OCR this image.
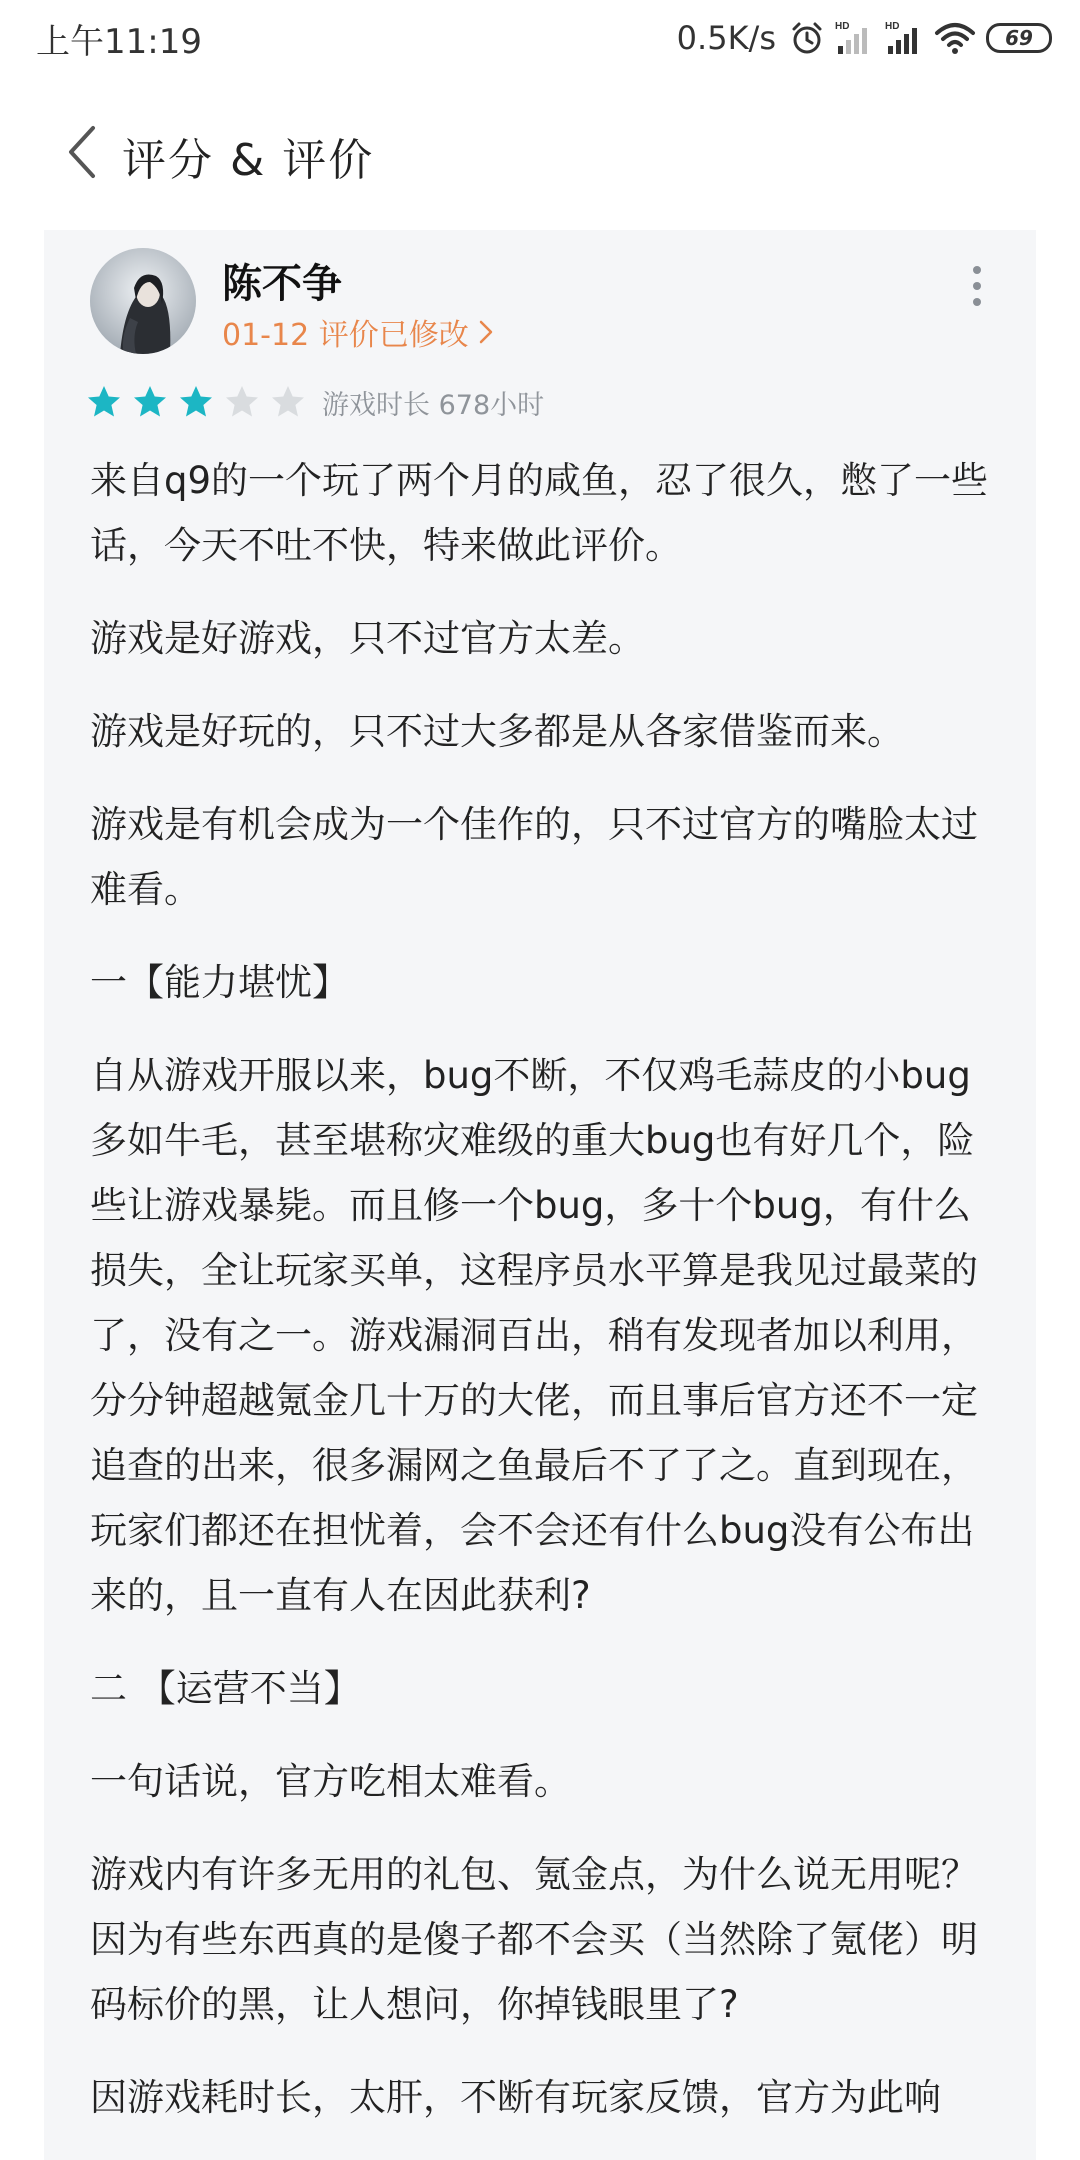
上午11:19	0.5K/s	HD	HD	69
评分 & 评价
陈不争
01-12 评价已修改
游戏时长 678小时

来自q9的一个玩了两个月的咸鱼，忍了很久，憋了一些话，今天不吐不快，特来做此评价。

游戏是好游戏，只不过官方太差。

游戏是好玩的，只不过大多都是从各家借鉴而来。

游戏是有机会成为一个佳作的，只不过官方的嘴脸太过难看。

一【能力堪忧】

自从游戏开服以来，bug不断，不仅鸡毛蒜皮的小bug多如牛毛，甚至堪称灾难级的重大bug也有好几个，险些让游戏暴毙。而且修一个bug，多十个bug，有什么损失，全让玩家买单，这程序员水平算是我见过最菜的了，没有之一。游戏漏洞百出，稍有发现者加以利用，分分钟超越氪金几十万的大佬，而且事后官方还不一定追查的出来，很多漏网之鱼最后不了了之。直到现在，玩家们都还在担忧着，会不会还有什么bug没有公布出来的，且一直有人在因此获利?

二 【运营不当】

一句话说，官方吃相太难看。

游戏内有许多无用的礼包、氪金点，为什么说无用呢？因为有些东西真的是傻子都不会买（当然除了氪佬）明码标价的黑，让人想问，你掉钱眼里了?

因游戏耗时长，太肝，不断有玩家反馈，官方为此响
